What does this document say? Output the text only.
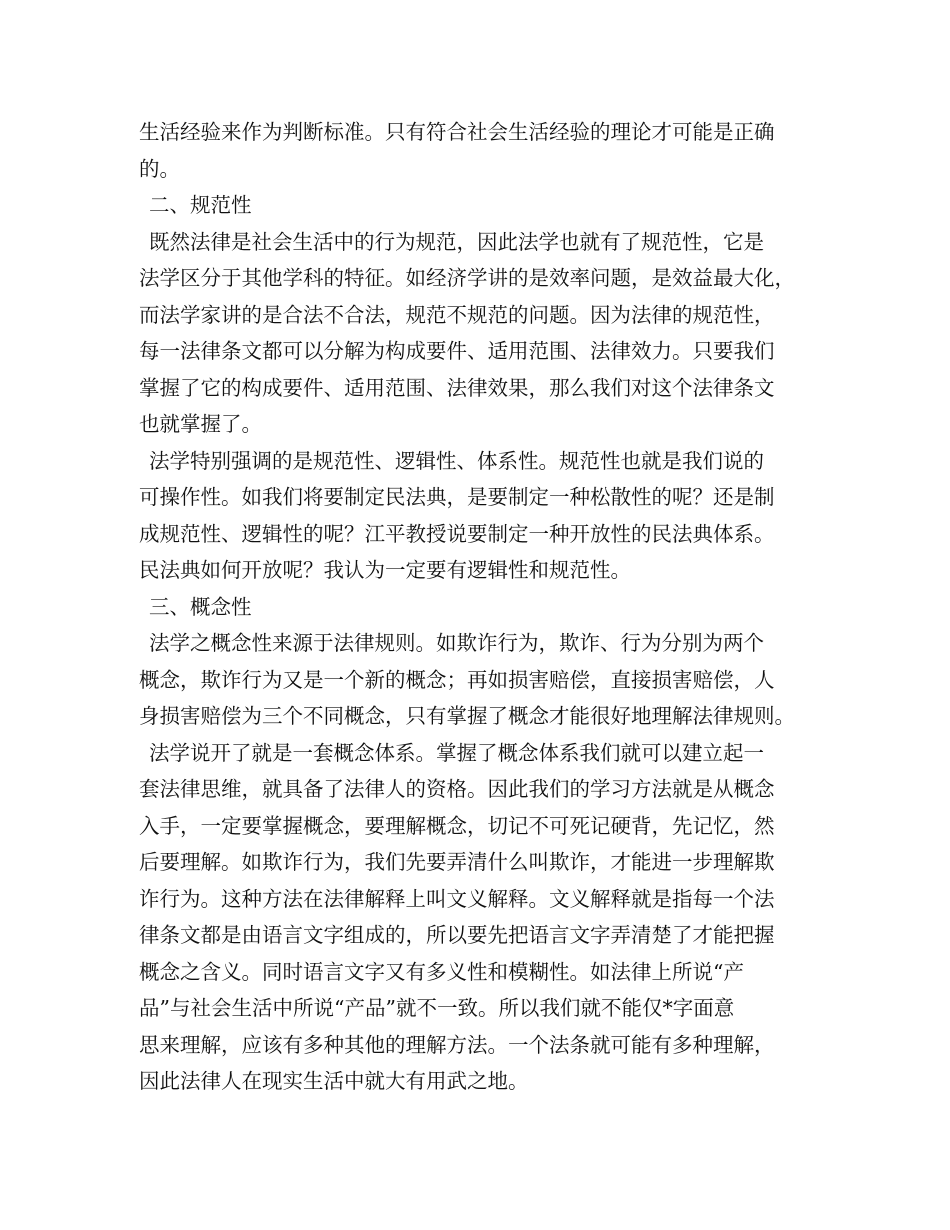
生活经验来作为判断标准。只有符合社会生活经验的理论才可能是正确
的。
二、规范性
既然法律是社会生活中的行为规范，因此法学也就有了规范性，它是
法学区分于其他学科的特征。如经济学讲的是效率问题，是效益最大化，
而法学家讲的是合法不合法，规范不规范的问题。因为法律的规范性，
每一法律条文都可以分解为构成要件、适用范围、法律效力。只要我们
掌握了它的构成要件、适用范围、法律效果，那么我们对这个法律条文
也就掌握了。
法学特别强调的是规范性、逻辑性、体系性。规范性也就是我们说的
可操作性。如我们将要制定民法典，是要制定一种松散性的呢？还是制
成规范性、逻辑性的呢？江平教授说要制定一种开放性的民法典体系。
民法典如何开放呢？我认为一定要有逻辑性和规范性。
三、概念性
法学之概念性来源于法律规则。如欺诈行为，欺诈、行为分别为两个
概念，欺诈行为又是一个新的概念；再如损害赔偿，直接损害赔偿，人
身损害赔偿为三个不同概念，只有掌握了概念才能很好地理解法律规则。
法学说开了就是一套概念体系。掌握了概念体系我们就可以建立起一
套法律思维，就具备了法律人的资格。因此我们的学习方法就是从概念
入手，一定要掌握概念，要理解概念，切记不可死记硬背，先记忆，然
后要理解。如欺诈行为，我们先要弄清什么叫欺诈，才能进一步理解欺
诈行为。这种方法在法律解释上叫文义解释。文义解释就是指每一个法
律条文都是由语言文字组成的，所以要先把语言文字弄清楚了才能把握
概念之含义。同时语言文字又有多义性和模糊性。如法律上所说“产
品”与社会生活中所说“产品”就不一致。所以我们就不能仅*字面意
思来理解，应该有多种其他的理解方法。一个法条就可能有多种理解，
因此法律人在现实生活中就大有用武之地。
